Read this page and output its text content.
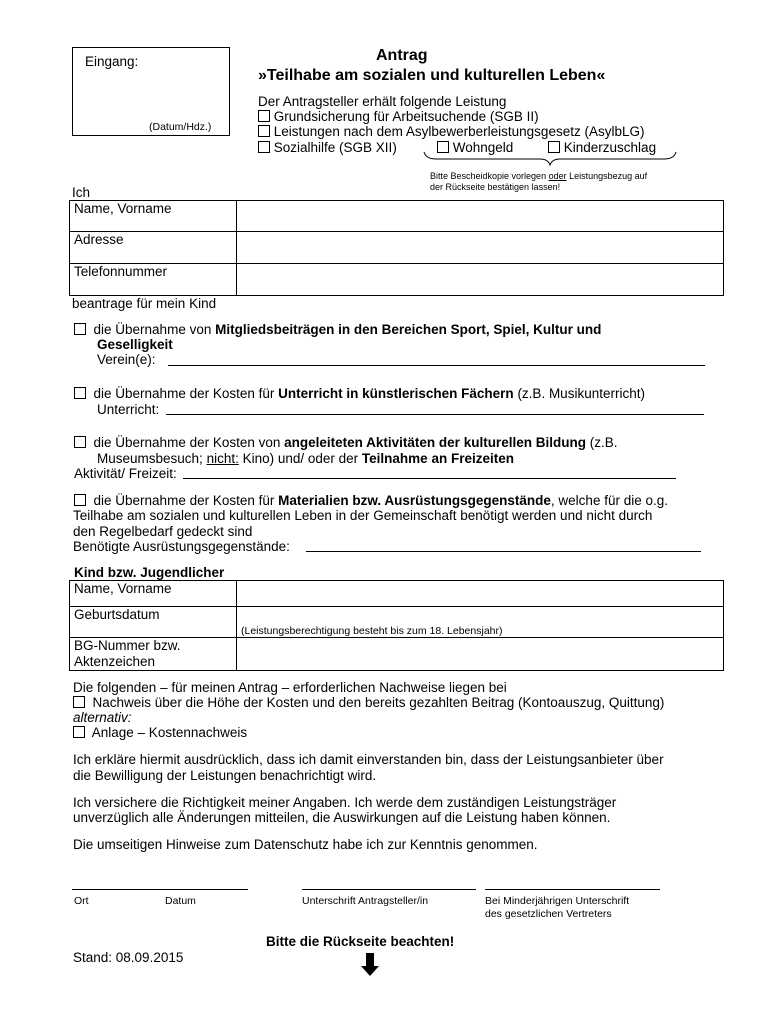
Eingang:
(Datum/Hdz.)
Antrag
»Teilhabe am sozialen und kulturellen Leben«
Der Antragsteller erhält folgende Leistung
Grundsicherung für Arbeitsuchende (SGB II)
Leistungen nach dem Asylbewerberleistungsgesetz (AsylbLG)
Sozialhilfe (SGB XII)	Wohngeld	Kinderzuschlag
Bitte Bescheidkopie vorlegen oder Leistungsbezug auf
der Rückseite bestätigen lassen!
Ich
Name, Vorname	
Adresse	
Telefonnummer	
beantrage für mein Kind
die Übernahme von Mitgliedsbeiträgen in den Bereichen Sport, Spiel, Kultur und
Geselligkeit
Verein(e):
die Übernahme der Kosten für Unterricht in künstlerischen Fächern (z.B. Musikunterricht)
Unterricht:
die Übernahme der Kosten von angeleiteten Aktivitäten der kulturellen Bildung (z.B.
Museumsbesuch; nicht: Kino) und/ oder der Teilnahme an Freizeiten
Aktivität/ Freizeit:
die Übernahme der Kosten für Materialien bzw. Ausrüstungsgegenstände, welche für die o.g.
Teilhabe am sozialen und kulturellen Leben in der Gemeinschaft benötigt werden und nicht durch
den Regelbedarf gedeckt sind
Benötigte Ausrüstungsgegenstände:
Kind bzw. Jugendlicher
Name, Vorname	
Geburtsdatum	(Leistungsberechtigung besteht bis zum 18. Lebensjahr)

BG-Nummer bzw.
Aktenzeichen	

Die folgenden – für meinen Antrag – erforderlichen Nachweise liegen bei
Nachweis über die Höhe der Kosten und den bereits gezahlten Beitrag (Kontoauszug, Quittung)
alternativ:
Anlage – Kostennachweis
Ich erkläre hiermit ausdrücklich, dass ich damit einverstanden bin, dass der Leistungsanbieter über
die Bewilligung der Leistungen benachrichtigt wird.
Ich versichere die Richtigkeit meiner Angaben. Ich werde dem zuständigen Leistungsträger
unverzüglich alle Änderungen mitteilen, die Auswirkungen auf die Leistung haben können.
Die umseitigen Hinweise zum Datenschutz habe ich zur Kenntnis genommen.
Ort	Datum	Unterschrift Antragsteller/in	Bei Minderjährigen Unterschrift
des gesetzlichen Vertreters
Bitte die Rückseite beachten!
Stand: 08.09.2015
